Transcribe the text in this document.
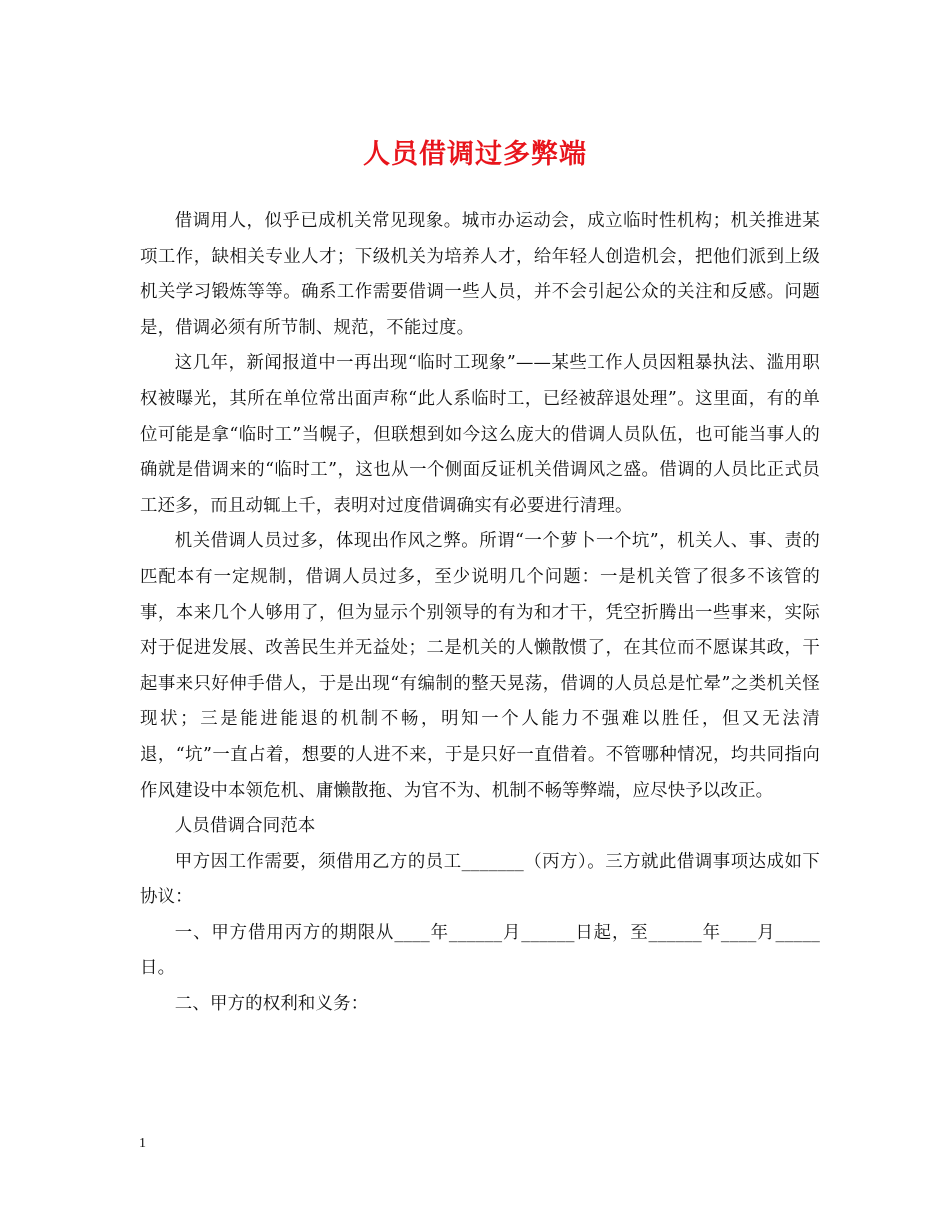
人员借调过多弊端

借调用人，似乎已成机关常见现象。城市办运动会，成立临时性机构；机关推进某项工作，缺相关专业人才；下级机关为培养人才，给年轻人创造机会，把他们派到上级机关学习锻炼等等。确系工作需要借调一些人员，并不会引起公众的关注和反感。问题是，借调必须有所节制、规范，不能过度。

这几年，新闻报道中一再出现“临时工现象”——某些工作人员因粗暴执法、滥用职权被曝光，其所在单位常出面声称“此人系临时工，已经被辞退处理”。这里面，有的单位可能是拿“临时工”当幌子，但联想到如今这么庞大的借调人员队伍，也可能当事人的确就是借调来的“临时工”，这也从一个侧面反证机关借调风之盛。借调的人员比正式员工还多，而且动辄上千，表明对过度借调确实有必要进行清理。

机关借调人员过多，体现出作风之弊。所谓“一个萝卜一个坑”，机关人、事、责的匹配本有一定规制，借调人员过多，至少说明几个问题：一是机关管了很多不该管的事，本来几个人够用了，但为显示个别领导的有为和才干，凭空折腾出一些事来，实际对于促进发展、改善民生并无益处；二是机关的人懒散惯了，在其位而不愿谋其政，干起事来只好伸手借人，于是出现“有编制的整天晃荡，借调的人员总是忙晕”之类机关怪现状；三是能进能退的机制不畅，明知一个人能力不强难以胜任，但又无法清退，“坑”一直占着，想要的人进不来，于是只好一直借着。不管哪种情况，均共同指向作风建设中本领危机、庸懒散拖、为官不为、机制不畅等弊端，应尽快予以改正。

人员借调合同范本

甲方因工作需要，须借用乙方的员工_______（丙方）。三方就此借调事项达成如下协议：

一、甲方借用丙方的期限从____年______月______日起，至______年____月_____日。

二、甲方的权利和义务：

1
